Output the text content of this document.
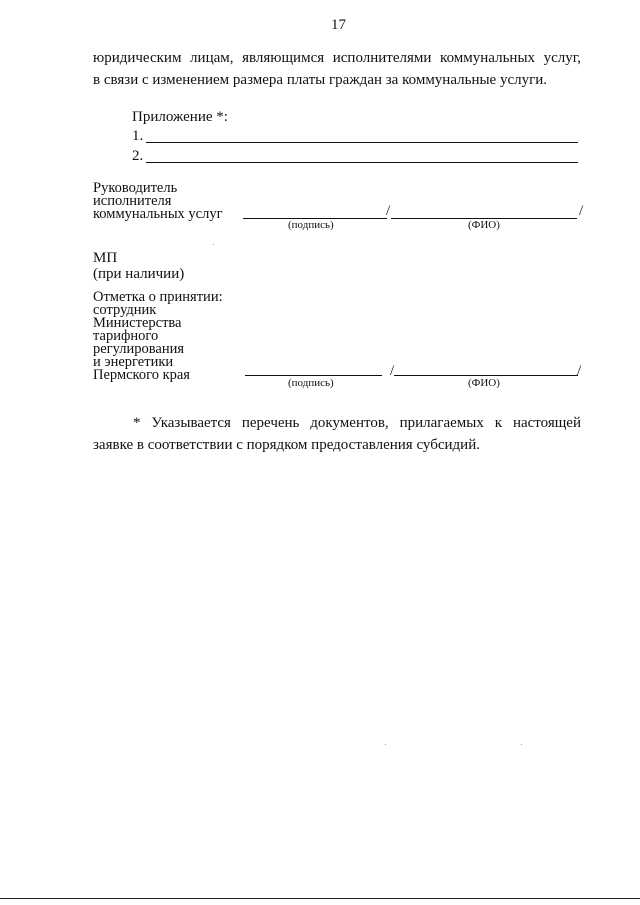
17
юридическим лицам, являющимся исполнителями коммунальных услуг,
в связи с изменением размера платы граждан за коммунальные услуги.
Приложение *:
1.
2.
Руководитель
исполнителя
коммунальных услуг	/	/
(подпись)	(ФИО)
МП
(при наличии)
Отметка о принятии:
сотрудник
Министерства
тарифного
регулирования
и энергетики
Пермского края	/	/
(подпись)	(ФИО)
* Указывается перечень документов, прилагаемых к настоящей
заявке в соответствии с порядком предоставления субсидий.
